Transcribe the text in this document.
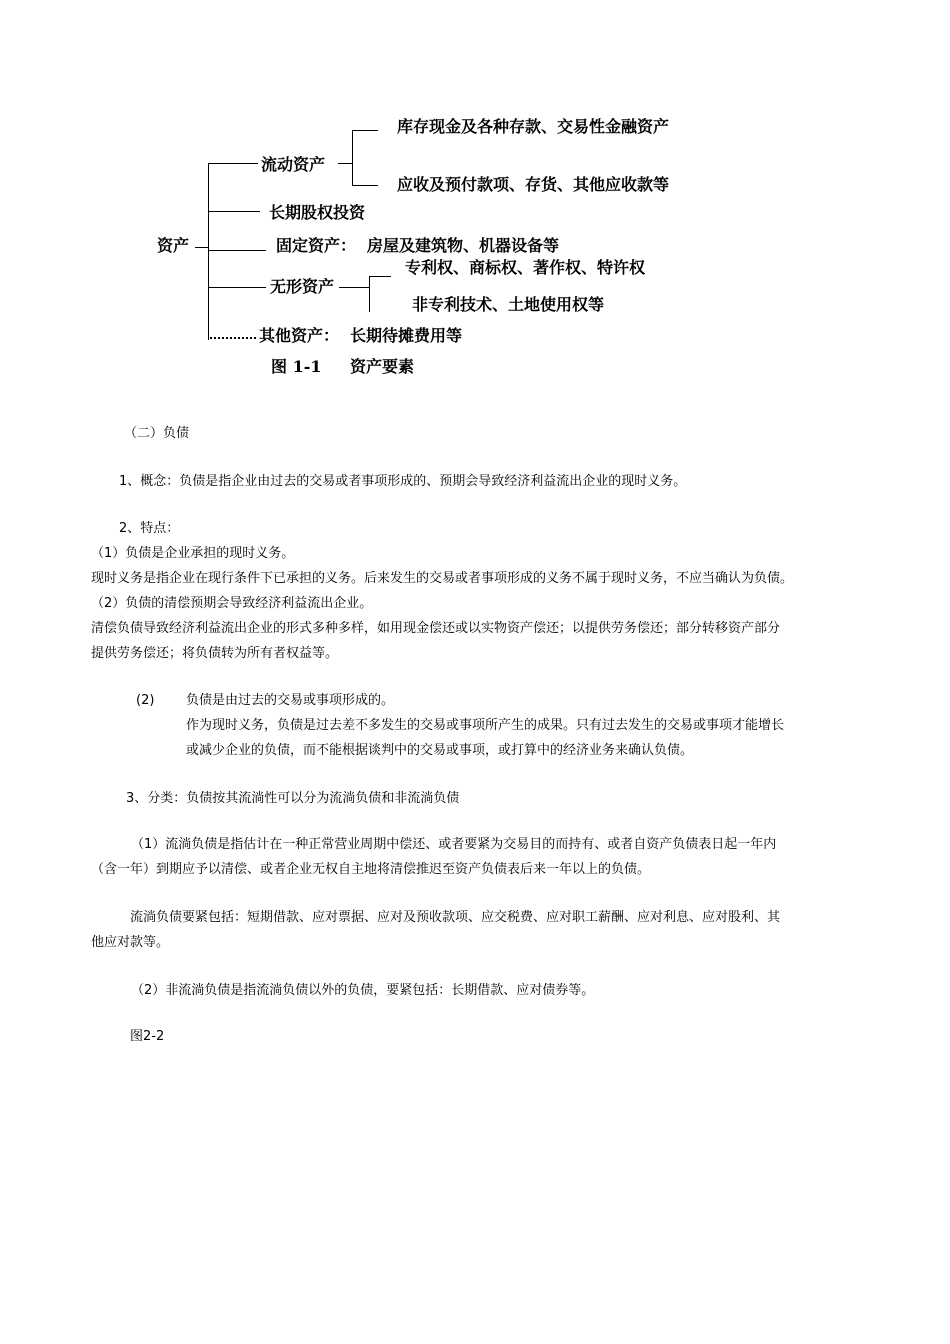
资产
流动资产
库存现金及各种存款、交易性金融资产
应收及预付款项、存货、其他应收款等
长期股权投资
固定资产： 房屋及建筑物、机器设备等
无形资产
专利权、商标权、著作权、特许权
非专利技术、土地使用权等
其他资产： 长期待摊费用等
图 1-1 资产要素
（二）负债
1、概念：负债是指企业由过去的交易或者事项形成的、预期会导致经济利益流出企业的现时义务。
2、特点：
（1）负债是企业承担的现时义务。
现时义务是指企业在现行条件下已承担的义务。后来发生的交易或者事项形成的义务不属于现时义务，不应当确认为负债。
（2）负债的清偿预期会导致经济利益流出企业。
清偿负债导致经济利益流出企业的形式多种多样，如用现金偿还或以实物资产偿还；以提供劳务偿还；部分转移资产部分
提供劳务偿还；将负债转为所有者权益等。
(2) 负债是由过去的交易或事项形成的。
作为现时义务，负债是过去差不多发生的交易或事项所产生的成果。只有过去发生的交易或事项才能增长
或减少企业的负债，而不能根据谈判中的交易或事项，或打算中的经济业务来确认负债。
3、分类：负债按其流淌性可以分为流淌负债和非流淌负债
（1）流淌负债是指估计在一种正常营业周期中偿还、或者要紧为交易目的而持有、或者自资产负债表日起一年内
（含一年）到期应予以清偿、或者企业无权自主地将清偿推迟至资产负债表后来一年以上的负债。
流淌负债要紧包括：短期借款、应对票据、应对及预收款项、应交税费、应对职工薪酬、应对利息、应对股利、其
他应对款等。
（2）非流淌负债是指流淌负债以外的负债，要紧包括：长期借款、应对债券等。
图2-2
